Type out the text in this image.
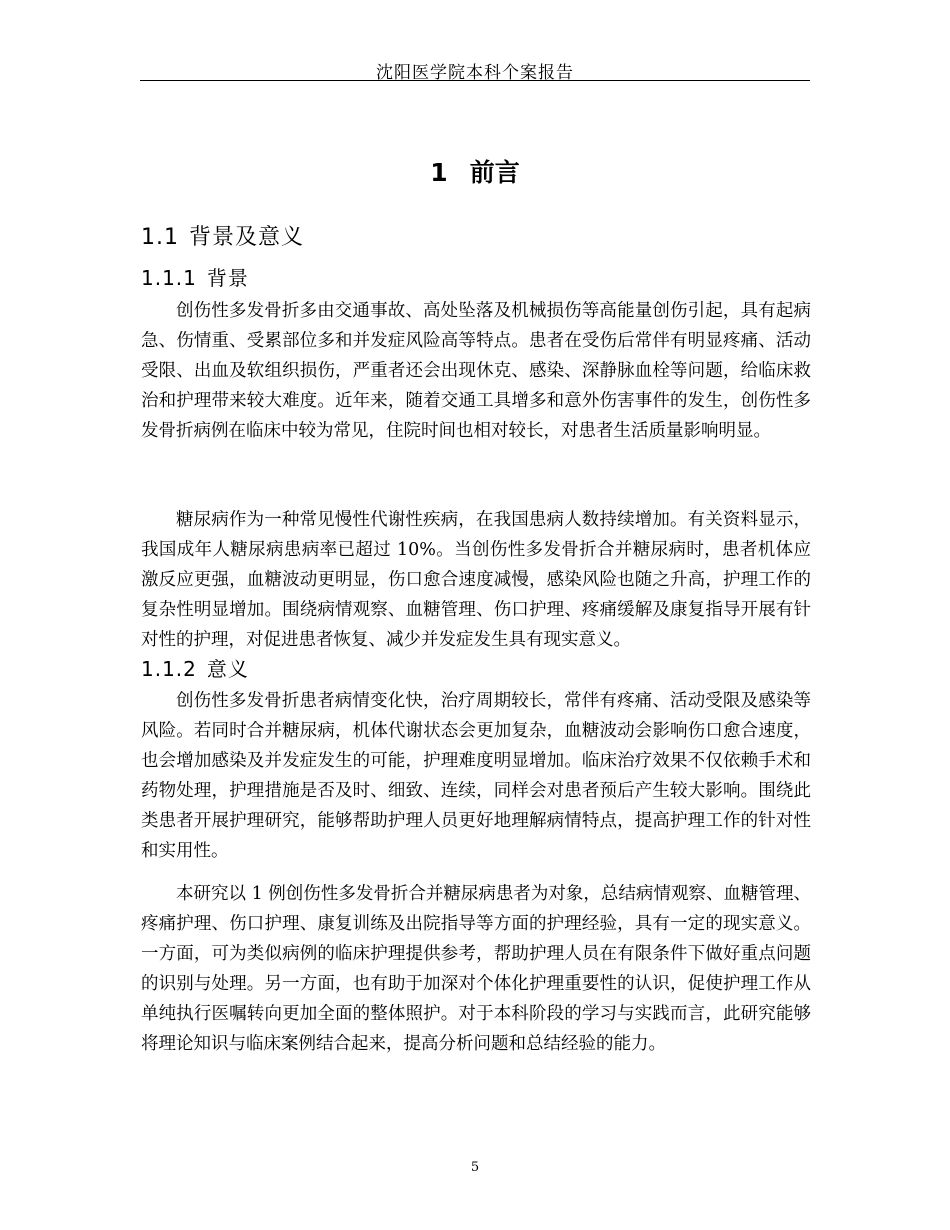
沈阳医学院本科个案报告
1 前言
1.1 背景及意义
1.1.1 背景

创伤性多发骨折多由交通事故、高处坠落及机械损伤等高能量创伤引起，具有起病急、伤情重、受累部位多和并发症风险高等特点。患者在受伤后常伴有明显疼痛、活动受限、出血及软组织损伤，严重者还会出现休克、感染、深静脉血栓等问题，给临床救治和护理带来较大难度。近年来，随着交通工具增多和意外伤害事件的发生，创伤性多发骨折病例在临床中较为常见，住院时间也相对较长，对患者生活质量影响明显。

糖尿病作为一种常见慢性代谢性疾病，在我国患病人数持续增加。有关资料显示，我国成年人糖尿病患病率已超过 10%。当创伤性多发骨折合并糖尿病时，患者机体应激反应更强，血糖波动更明显，伤口愈合速度减慢，感染风险也随之升高，护理工作的复杂性明显增加。围绕病情观察、血糖管理、伤口护理、疼痛缓解及康复指导开展有针对性的护理，对促进患者恢复、减少并发症发生具有现实意义。

1.1.2 意义

创伤性多发骨折患者病情变化快，治疗周期较长，常伴有疼痛、活动受限及感染等风险。若同时合并糖尿病，机体代谢状态会更加复杂，血糖波动会影响伤口愈合速度，也会增加感染及并发症发生的可能，护理难度明显增加。临床治疗效果不仅依赖手术和药物处理，护理措施是否及时、细致、连续，同样会对患者预后产生较大影响。围绕此类患者开展护理研究，能够帮助护理人员更好地理解病情特点，提高护理工作的针对性和实用性。

本研究以 1 例创伤性多发骨折合并糖尿病患者为对象，总结病情观察、血糖管理、疼痛护理、伤口护理、康复训练及出院指导等方面的护理经验，具有一定的现实意义。一方面，可为类似病例的临床护理提供参考，帮助护理人员在有限条件下做好重点问题的识别与处理。另一方面，也有助于加深对个体化护理重要性的认识，促使护理工作从单纯执行医嘱转向更加全面的整体照护。对于本科阶段的学习与实践而言，此研究能够将理论知识与临床案例结合起来，提高分析问题和总结经验的能力。

5
